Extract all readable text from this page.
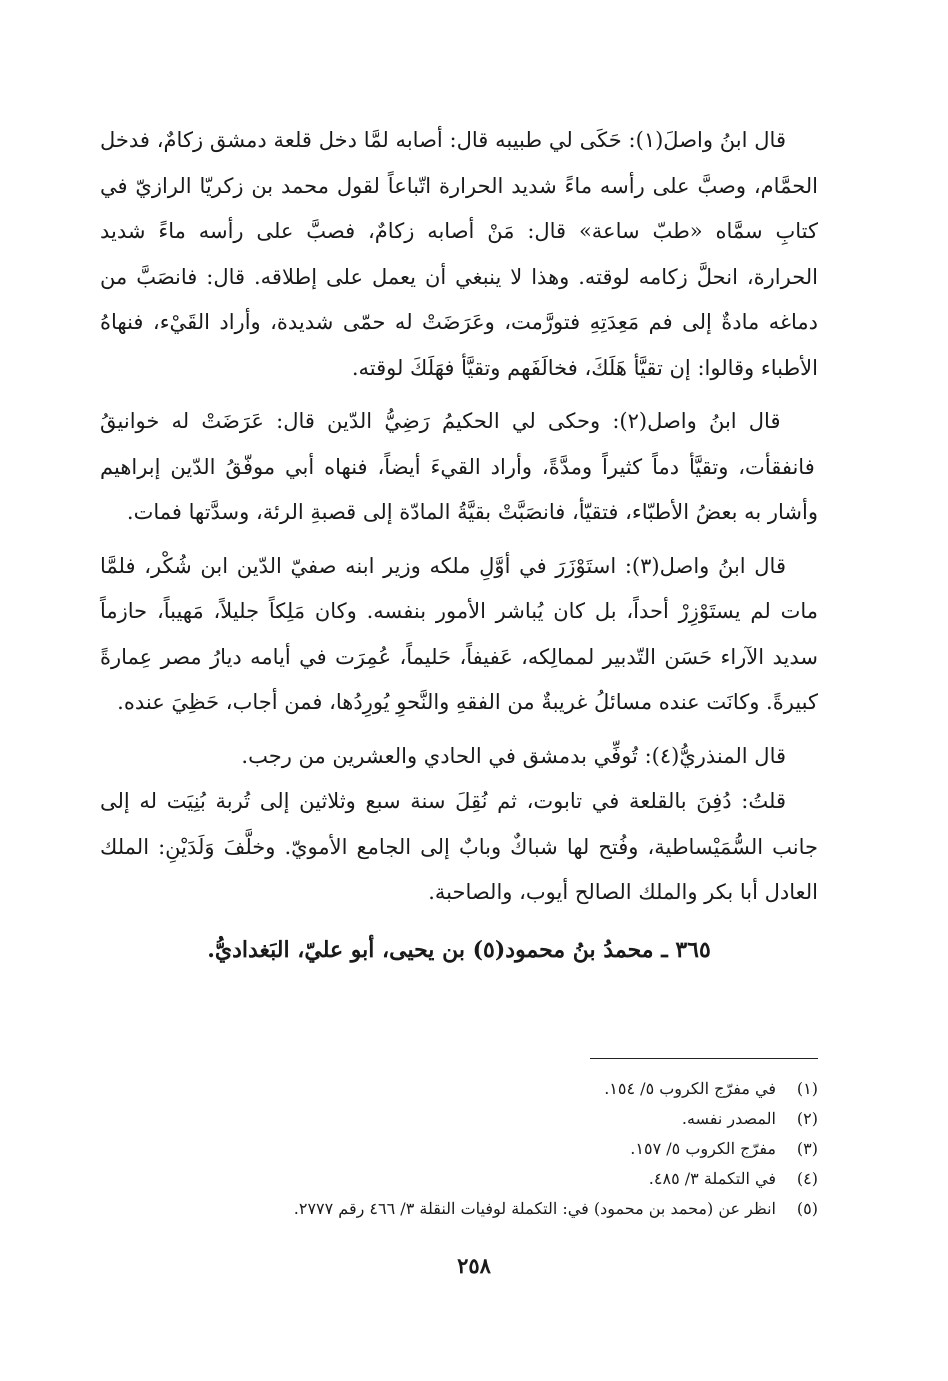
قال ابنُ واصلَ(١): حَكَى لي طبيبه قال: أصابه لمَّا دخل قلعة دمشق زكامٌ، فدخل الحمَّام، وصبَّ على رأسه ماءً شديد الحرارة اتّباعاً لقول محمد بن زكريّا الرازيّ في كتابِ سمَّاه «طبّ ساعة» قال: مَنْ أصابه زكامٌ، فصبَّ على رأسه ماءً شديد الحرارة، انحلَّ زكامه لوقته. وهذا لا ينبغي أن يعمل على إطلاقه. قال: فانصَبَّ من دماغه مادةٌ إلى فم مَعِدَتِهِ فتورَّمت، وعَرَضَتْ له حمّى شديدة، وأراد القَيْء، فنهاهُ الأطباء وقالوا: إن تقيَّأ هَلَكَ، فخالَفَهم وتقيَّأ فهَلَكَ لوقته.

قال ابنُ واصل(٢): وحكى لي الحكيمُ رَضِيُّ الدّين قال: عَرَضَتْ له خوانيقُ فانفقأت، وتقيَّأ دماً كثيراً ومدَّةً، وأراد القيءَ أيضاً، فنهاه أبي موفّقُ الدّين إبراهيم وأشار به بعضُ الأطبّاء، فتقيّأ، فانصَبَّتْ بقيَّةُ المادّة إلى قصبةِ الرئة، وسدَّتها فمات.

قال ابنُ واصل(٣): استَوْزَرَ في أوَّلِ ملكه وزير ابنه صفيّ الدّين ابن شُكْر، فلمَّا مات لم يستَوْزِرْ أحداً، بل كان يُباشر الأمور بنفسه. وكان مَلِكاً جليلاً، مَهيباً، حازماً سديد الآراء حَسَن التّدبير لممالِكه، عَفيفاً، حَليماً، عُمِرَت في أيامه ديارُ مصر عِمارةً كبيرةً. وكانَت عنده مسائلُ غريبةٌ من الفقهِ والنَّحوِ يُورِدُها، فمن أجاب، حَظِيَ عنده.

قال المنذريُّ(٤): تُوفِّي بدمشق في الحادي والعشرين من رجب.

قلتُ: دُفِنَ بالقلعة في تابوت، ثم نُقِلَ سنة سبع وثلاثين إلى تُربة بُنِيَت له إلى جانب السُّمَيْساطية، وفُتح لها شباكٌ وبابٌ إلى الجامع الأمويّ. وخلَّفَ وَلَدَيْنِ: الملك العادل أبا بكر والملك الصالح أيوب، والصاحبة.

٣٦٥ ـ محمدُ بنُ محمود(٥) بن يحيى، أبو عليّ، البَغداديُّ.
(١)
في مفرّج الكروب ٥/ ١٥٤.
(٢)
المصدر نفسه.
(٣)
مفرّج الكروب ٥/ ١٥٧.
(٤)
في التكملة ٣/ ٤٨٥.
(٥)
انظر عن (محمد بن محمود) في: التكملة لوفيات النقلة ٣/ ٤٦٦ رقم ٢٧٧٧.
٢٥٨
